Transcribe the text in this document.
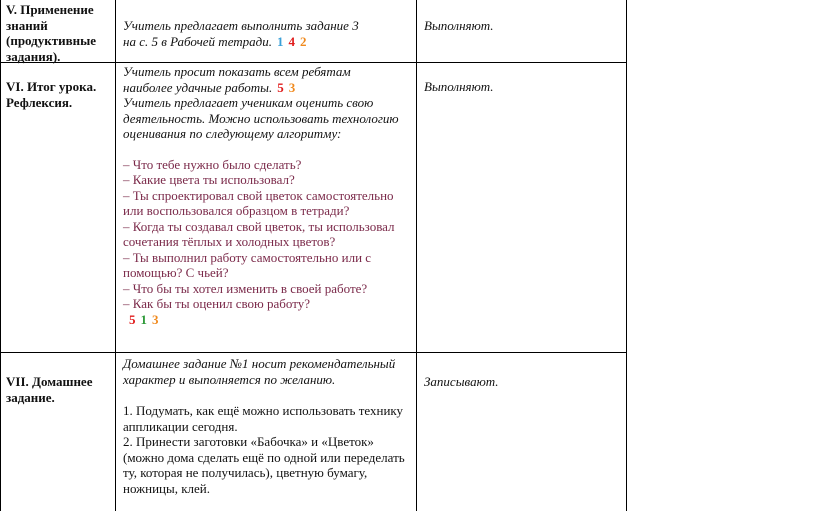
V. Применение знаний (продуктивные задания).

Учитель предлагает выполнить задание 3

на с. 5 в Рабочей тетради. 1 4 2

Выполняют.
VI. Итог урока. Рефлексия.

Учитель просит показать всем ребятам

наиболее удачные работы. 5 3

Учитель предлагает ученикам оценить свою деятельность. Можно использовать технологию оценивания по следующему алгоритму:

– Что тебе нужно было сделать?

– Какие цвета ты использовал?

– Ты спроектировал свой цветок самостоятельно или воспользовался образцом в тетради?

– Когда ты создавал свой цветок, ты использовал сочетания тёплых и холодных цветов?

– Ты выполнил работу самостоятельно или с помощью? С чьей?

– Что бы ты хотел изменить в своей работе?

– Как бы ты оценил свою работу?

5 1 3

Выполняют.
VII. Домашнее задание.

Домашнее задание №1 носит рекомендательный характер и выполняется по желанию.

1. Подумать, как ещё можно использовать технику аппликации сегодня.

2. Принести заготовки «Бабочка» и «Цветок» (можно дома сделать ещё по одной или переделать ту, которая не получилась), цветную бумагу, ножницы, клей.

Записывают.
